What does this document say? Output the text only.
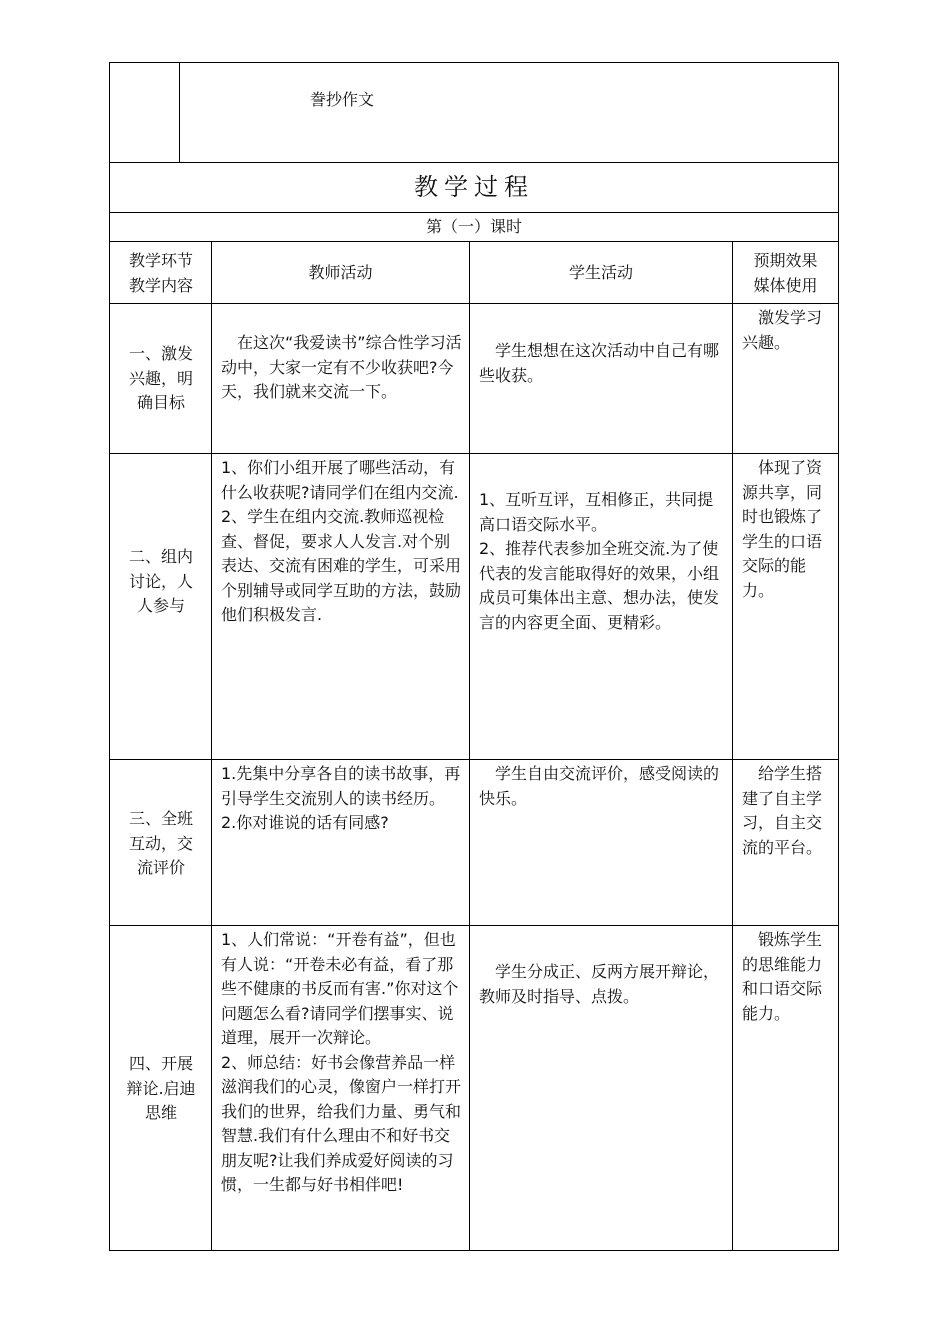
誊抄作文
教学过程
第（一）课时
教学环节
教学内容
教师活动	学生活动
预期效果
媒体使用
一、激发
兴趣，明
确目标
　在这次“我爱读书”综合性学习活动中，大家一定有不少收获吧?今天，我们就来交流一下。
　学生想想在这次活动中自己有哪些收获。
　激发学习兴趣。
二、组内
讨论，人
人参与
1、你们小组开展了哪些活动，有什么收获呢?请同学们在组内交流.
2、学生在组内交流.教师巡视检查、督促，要求人人发言.对个别表达、交流有困难的学生，可采用个别辅导或同学互助的方法，鼓励他们积极发言.
1、互听互评，互相修正，共同提高口语交际水平。
2、推荐代表参加全班交流.为了使代表的发言能取得好的效果，小组成员可集体出主意、想办法，使发言的内容更全面、更精彩。
　体现了资源共享，同时也锻炼了学生的口语交际的能力。
三、全班
互动，交
流评价
1.先集中分享各自的读书故事，再引导学生交流别人的读书经历。
2.你对谁说的话有同感?
　学生自由交流评价，感受阅读的快乐。
　给学生搭建了自主学习，自主交流的平台。
四、开展
辩论.启迪
思维
1、人们常说：“开卷有益”，但也有人说：“开卷未必有益，看了那些不健康的书反而有害.”你对这个问题怎么看?请同学们摆事实、说道理，展开一次辩论。
2、师总结：好书会像营养品一样滋润我们的心灵，像窗户一样打开我们的世界，给我们力量、勇气和智慧.我们有什么理由不和好书交朋友呢?让我们养成爱好阅读的习惯，一生都与好书相伴吧!
　学生分成正、反两方展开辩论，教师及时指导、点拨。
　锻炼学生的思维能力和口语交际能力。
